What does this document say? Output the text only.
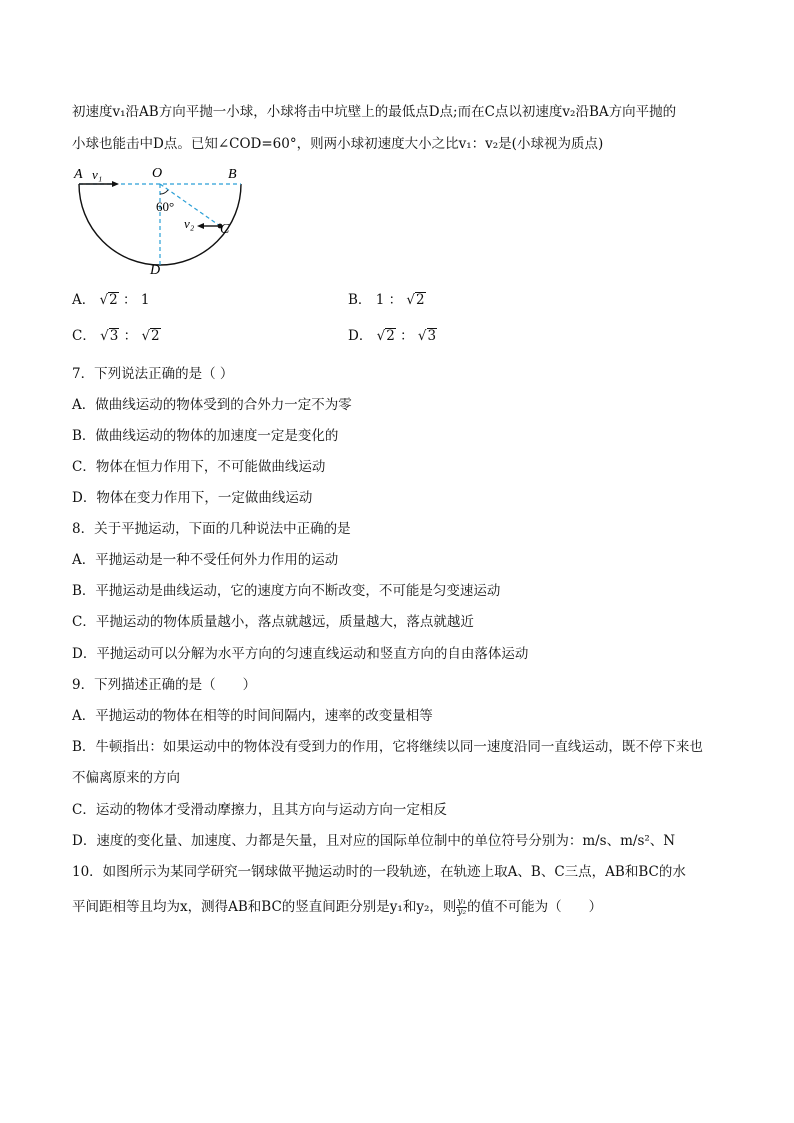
初速度v₁沿AB方向平抛一小球，小球将击中坑壁上的最低点D点;而在C点以初速度v₂沿BA方向平抛的
小球也能击中D点。已知∠COD=60°，则两小球初速度大小之比v₁：v₂是(小球视为质点)
A v₁	O	B
60°
v₂ C
D
A． √2 ： 1	B． 1 ： √2
C． √3 ： √2	D． √2 ： √3
7．下列说法正确的是（ ）
A．做曲线运动的物体受到的合外力一定不为零
B．做曲线运动的物体的加速度一定是变化的
C．物体在恒力作用下，不可能做曲线运动
D．物体在变力作用下，一定做曲线运动
8．关于平抛运动，下面的几种说法中正确的是
A．平抛运动是一种不受任何外力作用的运动
B．平抛运动是曲线运动，它的速度方向不断改变，不可能是匀变速运动
C．平抛运动的物体质量越小，落点就越远，质量越大，落点就越近
D．平抛运动可以分解为水平方向的匀速直线运动和竖直方向的自由落体运动
9．下列描述正确的是（　　）
A．平抛运动的物体在相等的时间间隔内，速率的改变量相等
B．牛顿指出：如果运动中的物体没有受到力的作用，它将继续以同一速度沿同一直线运动，既不停下来也
不偏离原来的方向
C．运动的物体才受滑动摩擦力，且其方向与运动方向一定相反
D．速度的变化量、加速度、力都是矢量，且对应的国际单位制中的单位符号分别为：m/s、m/s²、N
10．如图所示为某同学研究一钢球做平抛运动时的一段轨迹，在轨迹上取A、B、C三点，AB和BC的水
平间距相等且均为x，测得AB和BC的竖直间距分别是y₁和y₂，则 $\frac{\text{y₁}}{\text{y₂}}$ 的值不可能为（　　）
